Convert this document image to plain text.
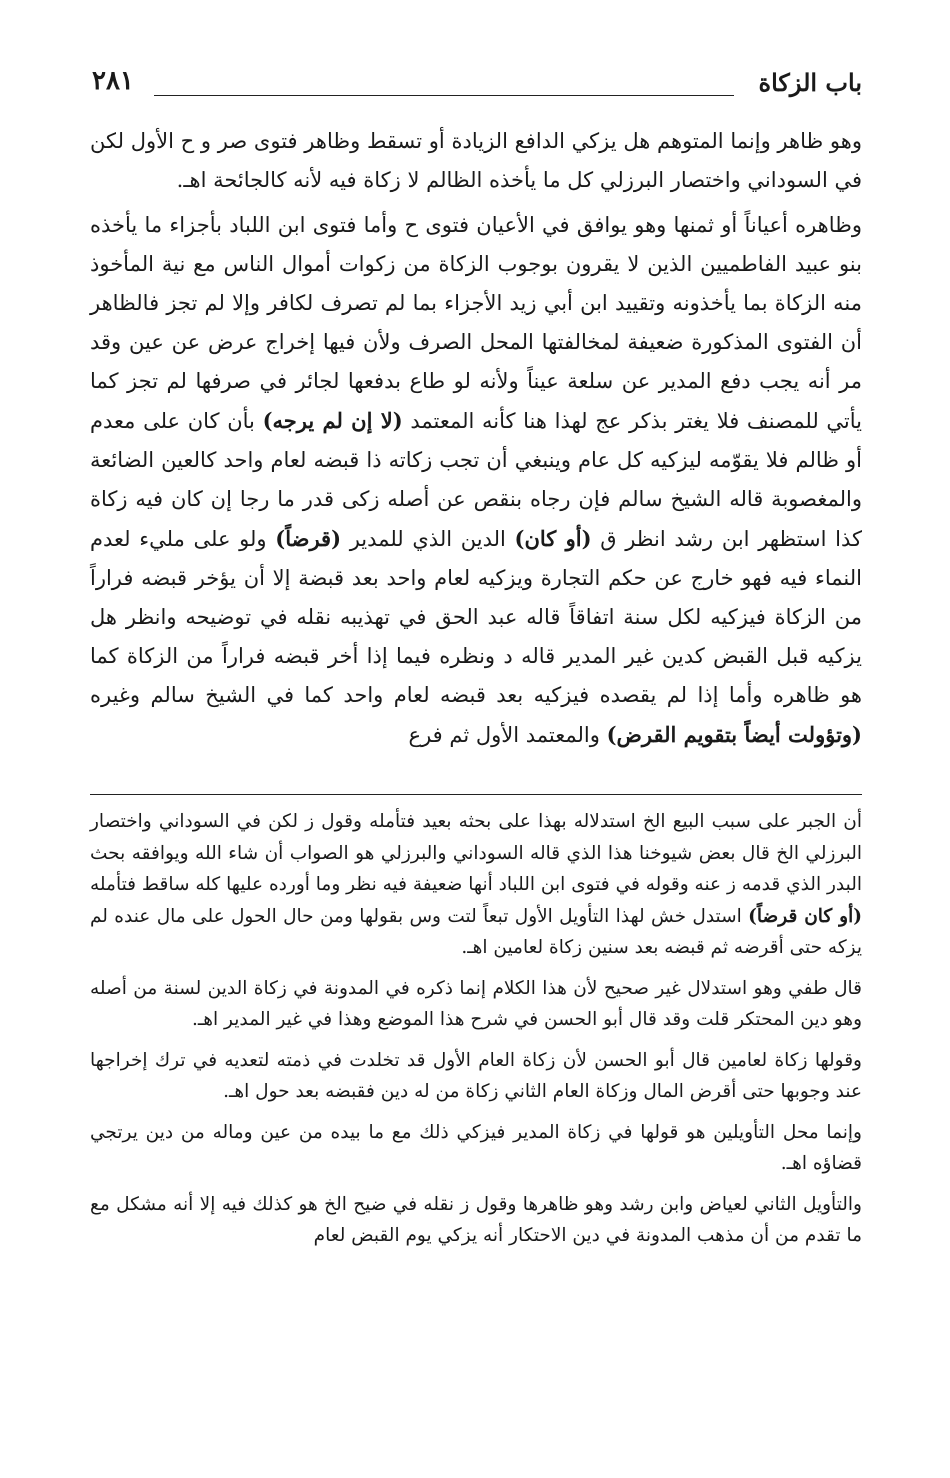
باب الزكاة
٢٨١

وهو ظاهر وإنما المتوهم هل يزكي الدافع الزيادة أو تسقط وظاهر فتوى صر و ح الأول لكن في السوداني واختصار البرزلي كل ما يأخذه الظالم لا زكاة فيه لأنه كالجائحة اهـ.

وظاهره أعياناً أو ثمنها وهو يوافق في الأعيان فتوى ح وأما فتوى ابن اللباد بأجزاء ما يأخذه بنو عبيد الفاطميين الذين لا يقرون بوجوب الزكاة من زكوات أموال الناس مع نية المأخوذ منه الزكاة بما يأخذونه وتقييد ابن أبي زيد الأجزاء بما لم تصرف لكافر وإلا لم تجز فالظاهر أن الفتوى المذكورة ضعيفة لمخالفتها المحل الصرف ولأن فيها إخراج عرض عن عين وقد مر أنه يجب دفع المدير عن سلعة عيناً ولأنه لو طاع بدفعها لجائر في صرفها لم تجز كما يأتي للمصنف فلا يغتر بذكر عج لهذا هنا كأنه المعتمد (لا إن لم يرجه) بأن كان على معدم أو ظالم فلا يقوّمه ليزكيه كل عام وينبغي أن تجب زكاته ذا قبضه لعام واحد كالعين الضائعة والمغصوبة قاله الشيخ سالم فإن رجاه بنقص عن أصله زكى قدر ما رجا إن كان فيه زكاة كذا استظهر ابن رشد انظر ق (أو كان) الدين الذي للمدير (قرضاً) ولو على مليء لعدم النماء فيه فهو خارج عن حكم التجارة ويزكيه لعام واحد بعد قبضة إلا أن يؤخر قبضه فراراً من الزكاة فيزكيه لكل سنة اتفاقاً قاله عبد الحق في تهذيبه نقله في توضيحه وانظر هل يزكيه قبل القبض كدين غير المدير قاله د ونظره فيما إذا أخر قبضه فراراً من الزكاة كما هو ظاهره وأما إذا لم يقصده فيزكيه بعد قبضه لعام واحد كما في الشيخ سالم وغيره (وتؤولت أيضاً بتقويم القرض) والمعتمد الأول ثم فرع

أن الجبر على سبب البيع الخ استدلاله بهذا على بحثه بعيد فتأمله وقول ز لكن في السوداني واختصار البرزلي الخ قال بعض شيوخنا هذا الذي قاله السوداني والبرزلي هو الصواب أن شاء الله ويوافقه بحث البدر الذي قدمه ز عنه وقوله في فتوى ابن اللباد أنها ضعيفة فيه نظر وما أورده عليها كله ساقط فتأمله (أو كان قرضاً) استدل خش لهذا التأويل الأول تبعاً لتت وس بقولها ومن حال الحول على مال عنده لم يزكه حتى أقرضه ثم قبضه بعد سنين زكاة لعامين اهـ.

قال طفي وهو استدلال غير صحيح لأن هذا الكلام إنما ذكره في المدونة في زكاة الدين لسنة من أصله وهو دين المحتكر قلت وقد قال أبو الحسن في شرح هذا الموضع وهذا في غير المدير اهـ.

وقولها زكاة لعامين قال أبو الحسن لأن زكاة العام الأول قد تخلدت في ذمته لتعديه في ترك إخراجها عند وجوبها حتى أقرض المال وزكاة العام الثاني زكاة من له دين فقبضه بعد حول اهـ.

وإنما محل التأويلين هو قولها في زكاة المدير فيزكي ذلك مع ما بيده من عين وماله من دين يرتجي قضاؤه اهـ.

والتأويل الثاني لعياض وابن رشد وهو ظاهرها وقول ز نقله في ضيح الخ هو كذلك فيه إلا أنه مشكل مع ما تقدم من أن مذهب المدونة في دين الاحتكار أنه يزكي يوم القبض لعام
